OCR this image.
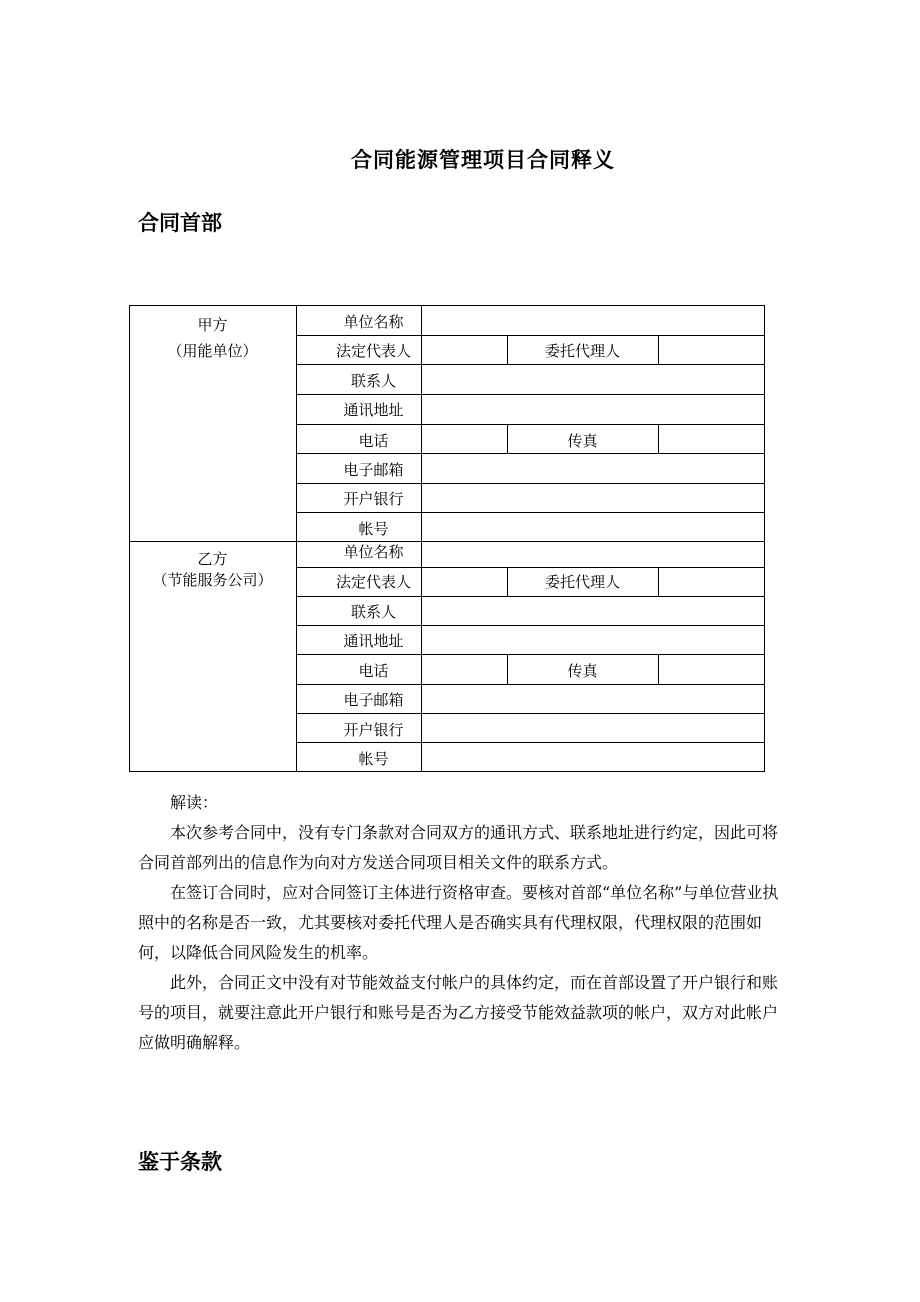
合同能源管理项目合同释义
合同首部
甲方
（用能单位）
单位名称
法定代表人	委托代理人
联系人
通讯地址
电话	传真
电子邮箱
开户银行
帐号
乙方
（节能服务公司）
单位名称
法定代表人	委托代理人
联系人
通讯地址
电话	传真
电子邮箱
开户银行
帐号
解读：
本次参考合同中，没有专门条款对合同双方的通讯方式、联系地址进行约定，因此可将合同首部列出的信息作为向对方发送合同项目相关文件的联系方式。
在签订合同时，应对合同签订主体进行资格审查。要核对首部“单位名称”与单位营业执照中的名称是否一致，尤其要核对委托代理人是否确实具有代理权限，代理权限的范围如何，以降低合同风险发生的机率。
此外，合同正文中没有对节能效益支付帐户的具体约定，而在首部设置了开户银行和账号的项目，就要注意此开户银行和账号是否为乙方接受节能效益款项的帐户，双方对此帐户应做明确解释。
鉴于条款
